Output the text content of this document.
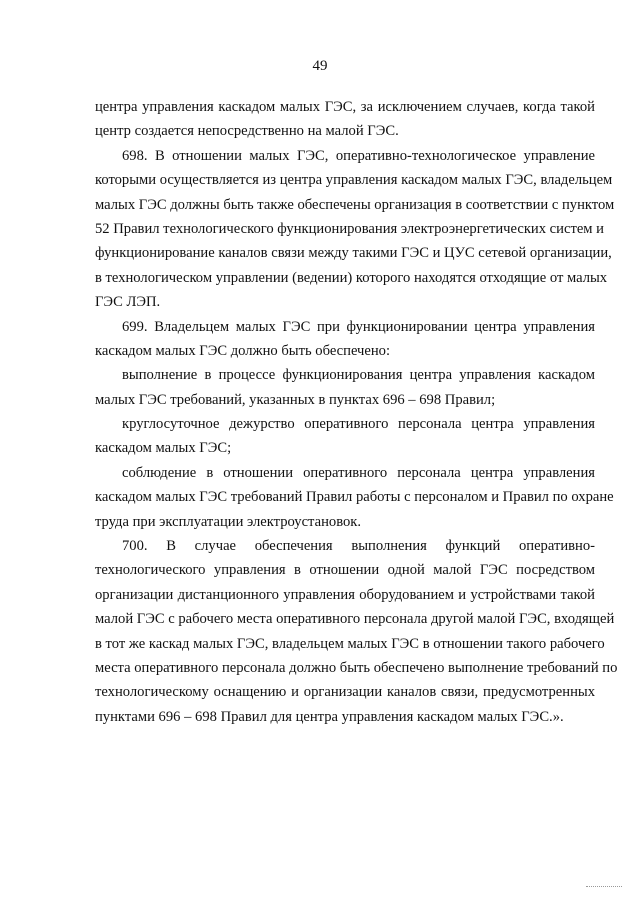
49
центра управления каскадом малых ГЭС, за исключением случаев, когда такой
центр создается непосредственно на малой ГЭС.
698. В отношении малых ГЭС, оперативно-технологическое управление
которыми осуществляется из центра управления каскадом малых ГЭС, владельцем
малых ГЭС должны быть также обеспечены организация в соответствии с пунктом
52 Правил технологического функционирования электроэнергетических систем и
функционирование каналов связи между такими ГЭС и ЦУС сетевой организации,
в технологическом управлении (ведении) которого находятся отходящие от малых
ГЭС ЛЭП.
699. Владельцем малых ГЭС при функционировании центра управления
каскадом малых ГЭС должно быть обеспечено:
выполнение в процессе функционирования центра управления каскадом
малых ГЭС требований, указанных в пунктах 696 – 698 Правил;
круглосуточное дежурство оперативного персонала центра управления
каскадом малых ГЭС;
соблюдение в отношении оперативного персонала центра управления
каскадом малых ГЭС требований Правил работы с персоналом и Правил по охране
труда при эксплуатации электроустановок.
700. В случае обеспечения выполнения функций оперативно-
технологического управления в отношении одной малой ГЭС посредством
организации дистанционного управления оборудованием и устройствами такой
малой ГЭС с рабочего места оперативного персонала другой малой ГЭС, входящей
в тот же каскад малых ГЭС, владельцем малых ГЭС в отношении такого рабочего
места оперативного персонала должно быть обеспечено выполнение требований по
технологическому оснащению и организации каналов связи, предусмотренных
пунктами 696 – 698 Правил для центра управления каскадом малых ГЭС.».
